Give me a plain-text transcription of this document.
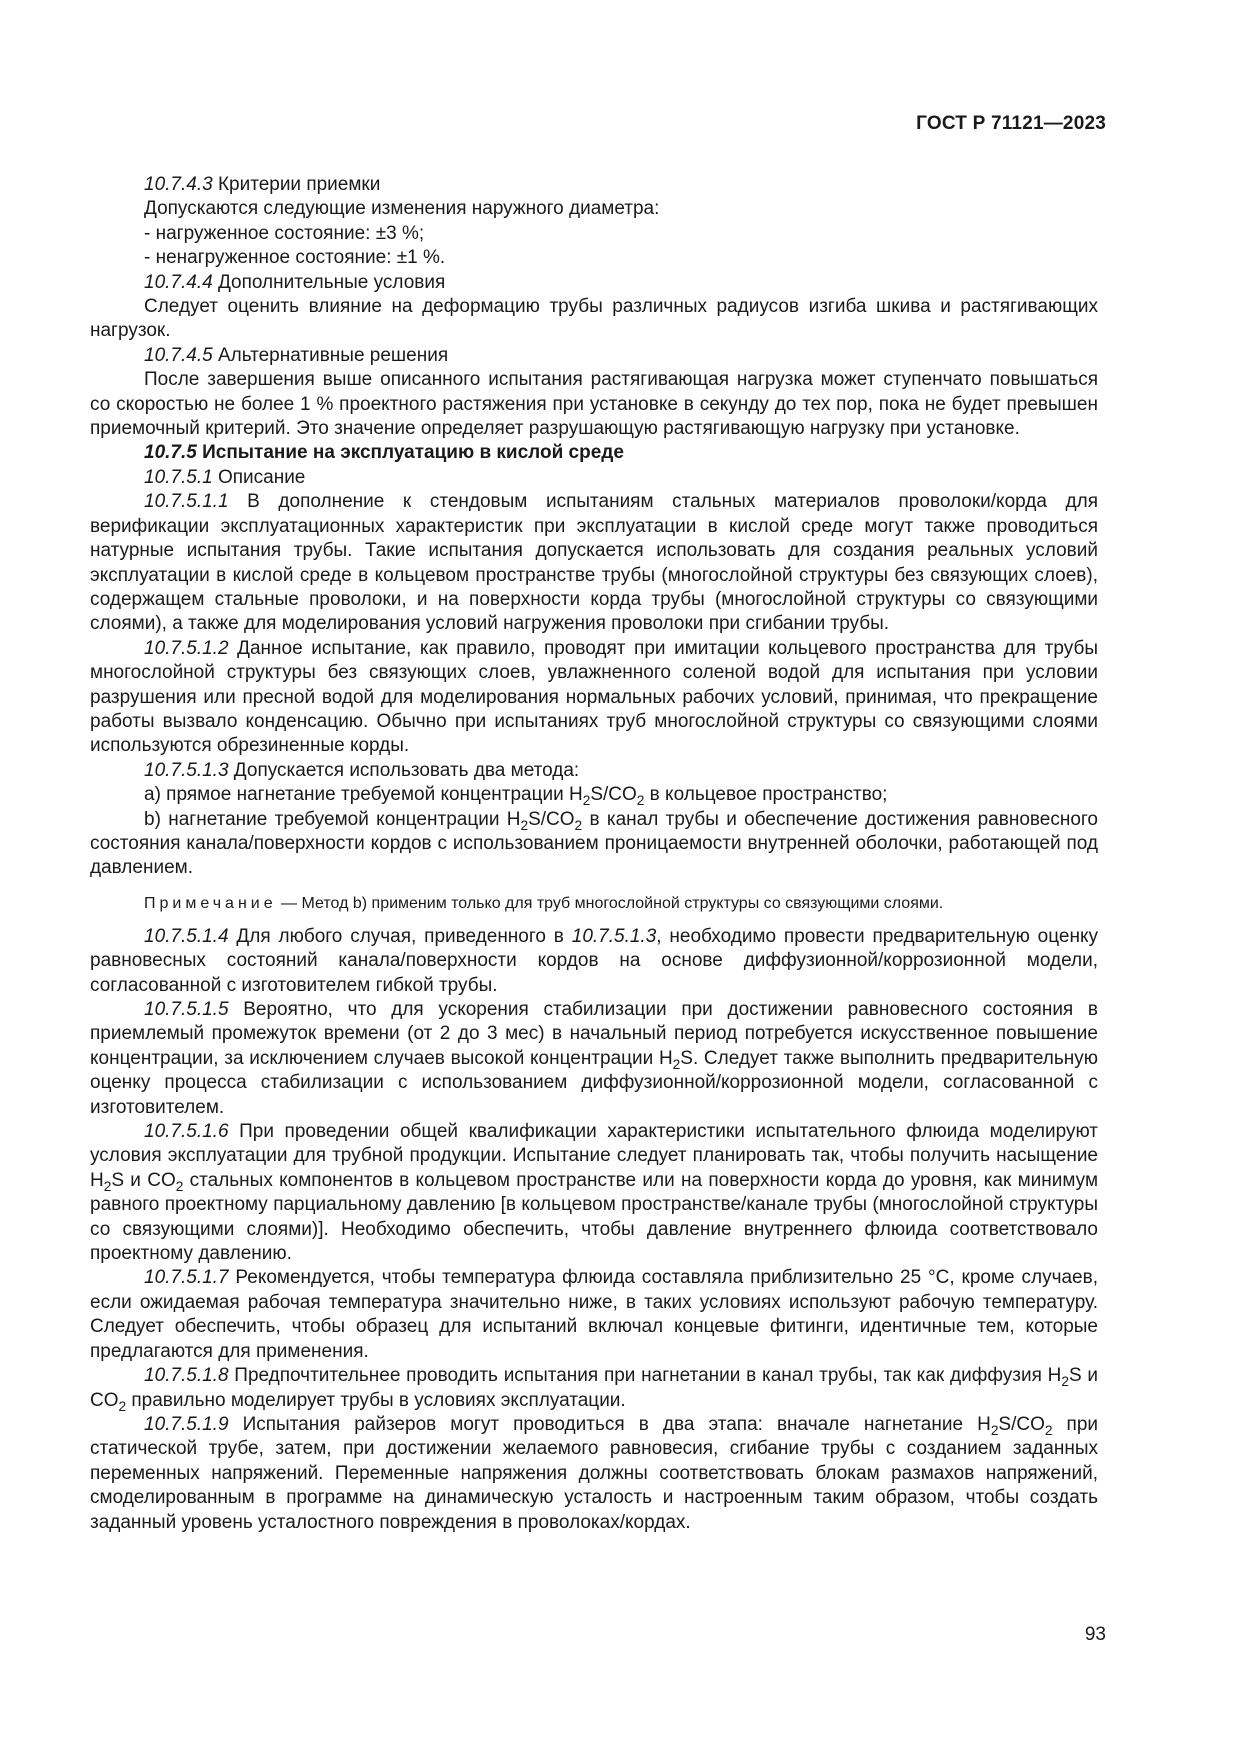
ГОСТ Р 71121—2023

10.7.4.3 Критерии приемки

Допускаются следующие изменения наружного диаметра:

- нагруженное состояние: ±3 %;

- ненагруженное состояние: ±1 %.

10.7.4.4 Дополнительные условия

Следует оценить влияние на деформацию трубы различных радиусов изгиба шкива и растягивающих нагрузок.

10.7.4.5 Альтернативные решения

После завершения выше описанного испытания растягивающая нагрузка может ступенчато повышаться со скоростью не более 1 % проектного растяжения при установке в секунду до тех пор, пока не будет превышен приемочный критерий. Это значение определяет разрушающую растягивающую нагрузку при установке.

10.7.5 Испытание на эксплуатацию в кислой среде

10.7.5.1 Описание

10.7.5.1.1 В дополнение к стендовым испытаниям стальных материалов проволоки/корда для верификации эксплуатационных характеристик при эксплуатации в кислой среде могут также проводиться натурные испытания трубы. Такие испытания допускается использовать для создания реальных условий эксплуатации в кислой среде в кольцевом пространстве трубы (многослойной структуры без связующих слоев), содержащем стальные проволоки, и на поверхности корда трубы (многослойной структуры со связующими слоями), а также для моделирования условий нагружения проволоки при сгибании трубы.

10.7.5.1.2 Данное испытание, как правило, проводят при имитации кольцевого пространства для трубы многослойной структуры без связующих слоев, увлажненного соленой водой для испытания при условии разрушения или пресной водой для моделирования нормальных рабочих условий, принимая, что прекращение работы вызвало конденсацию. Обычно при испытаниях труб многослойной структуры со связующими слоями используются обрезиненные корды.

10.7.5.1.3 Допускается использовать два метода:

а) прямое нагнетание требуемой концентрации $H_2S/CO_2$ в кольцевое пространство;

b) нагнетание требуемой концентрации $H_2S/CO_2$ в канал трубы и обеспечение достижения равновесного состояния канала/поверхности кордов с использованием проницаемости внутренней оболочки, работающей под давлением.

Примечание — Метод b) применим только для труб многослойной структуры со связующими слоями.

10.7.5.1.4 Для любого случая, приведенного в 10.7.5.1.3, необходимо провести предварительную оценку равновесных состояний канала/поверхности кордов на основе диффузионной/коррозионной модели, согласованной с изготовителем гибкой трубы.

10.7.5.1.5 Вероятно, что для ускорения стабилизации при достижении равновесного состояния в приемлемый промежуток времени (от 2 до 3 мес) в начальный период потребуется искусственное повышение концентрации, за исключением случаев высокой концентрации $H_2S$. Следует также выполнить предварительную оценку процесса стабилизации с использованием диффузионной/коррозионной модели, согласованной с изготовителем.

10.7.5.1.6 При проведении общей квалификации характеристики испытательного флюида моделируют условия эксплуатации для трубной продукции. Испытание следует планировать так, чтобы получить насыщение $H_2S$ и $CO_2$ стальных компонентов в кольцевом пространстве или на поверхности корда до уровня, как минимум равного проектному парциальному давлению [в кольцевом пространстве/канале трубы (многослойной структуры со связующими слоями)]. Необходимо обеспечить, чтобы давление внутреннего флюида соответствовало проектному давлению.

10.7.5.1.7 Рекомендуется, чтобы температура флюида составляла приблизительно 25 °С, кроме случаев, если ожидаемая рабочая температура значительно ниже, в таких условиях используют рабочую температуру. Следует обеспечить, чтобы образец для испытаний включал концевые фитинги, идентичные тем, которые предлагаются для применения.

10.7.5.1.8 Предпочтительнее проводить испытания при нагнетании в канал трубы, так как диффузия $H_2S$ и $CO_2$ правильно моделирует трубы в условиях эксплуатации.

10.7.5.1.9 Испытания райзеров могут проводиться в два этапа: вначале нагнетание $H_2S/CO_2$ при статической трубе, затем, при достижении желаемого равновесия, сгибание трубы с созданием заданных переменных напряжений. Переменные напряжения должны соответствовать блокам размахов напряжений, смоделированным в программе на динамическую усталость и настроенным таким образом, чтобы создать заданный уровень усталостного повреждения в проволоках/кордах.

93
